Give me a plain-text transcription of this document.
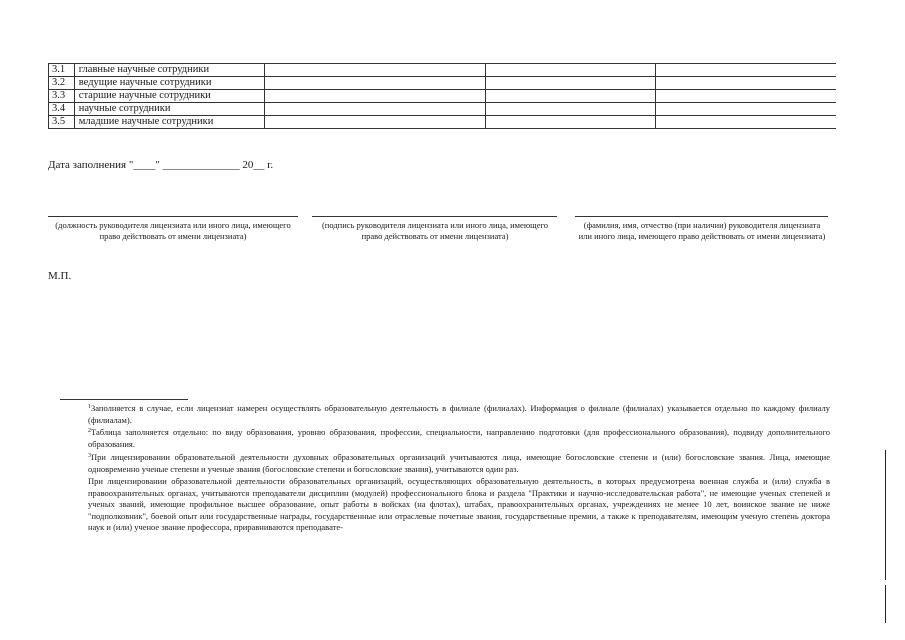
3.1	главные научные сотрудники			
3.2	ведущие научные сотрудники			
3.3	старшие научные сотрудники			
3.4	научные сотрудники			
3.5	младшие научные сотрудники			
Дата заполнения "____" ______________ 20__ г.
(должность руководителя лицензиата или иного лица, имеющего право действовать от имени лицензиата)
(подпись руководителя лицензиата или иного лица, имеющего право действовать от имени лицензиата)
(фамилия, имя, отчество (при наличии) руководителя лицензиата или иного лица, имеющего право действовать от имени лицензиата)
М.П.
$^1$Заполняется в случае, если лицензиат намерен осуществлять образовательную деятельность в филиале (филиалах). Информация о филиале (филиалах) указывается отдельно по каждому филиалу (филиалам).
$^2$Таблица заполняется отдельно: по виду образования, уровню образования, профессии, специальности, направлению подготовки (для профессионального образования), подвиду дополнительного образования.
$^3$При лицензировании образовательной деятельности духовных образовательных организаций учитываются лица, имеющие богословские степени и (или) богословские звания. Лица, имеющие одновременно ученые степени и ученые звания (богословские степени и богословские звания), учитываются один раз.
При лицензировании образовательной деятельности образовательных организаций, осуществляющих образовательную деятельность, в которых предусмотрена военная служба и (или) служба в правоохранительных органах, учитываются преподаватели дисциплин (модулей) профессионального блока и раздела "Практики и научно-исследовательская работа", не имеющие ученых степеней и ученых званий, имеющие профильное высшее образование, опыт работы в войсках (на флотах), штабах, правоохранительных органах, учреждениях не менее 10 лет, воинское звание не ниже "подполковник", боевой опыт или государственные награды, государственные или отраслевые почетные звания, государственные премии, а также к преподавателям, имеющим ученую степень доктора наук и (или) ученое звание профессора, приравниваются преподавате-
